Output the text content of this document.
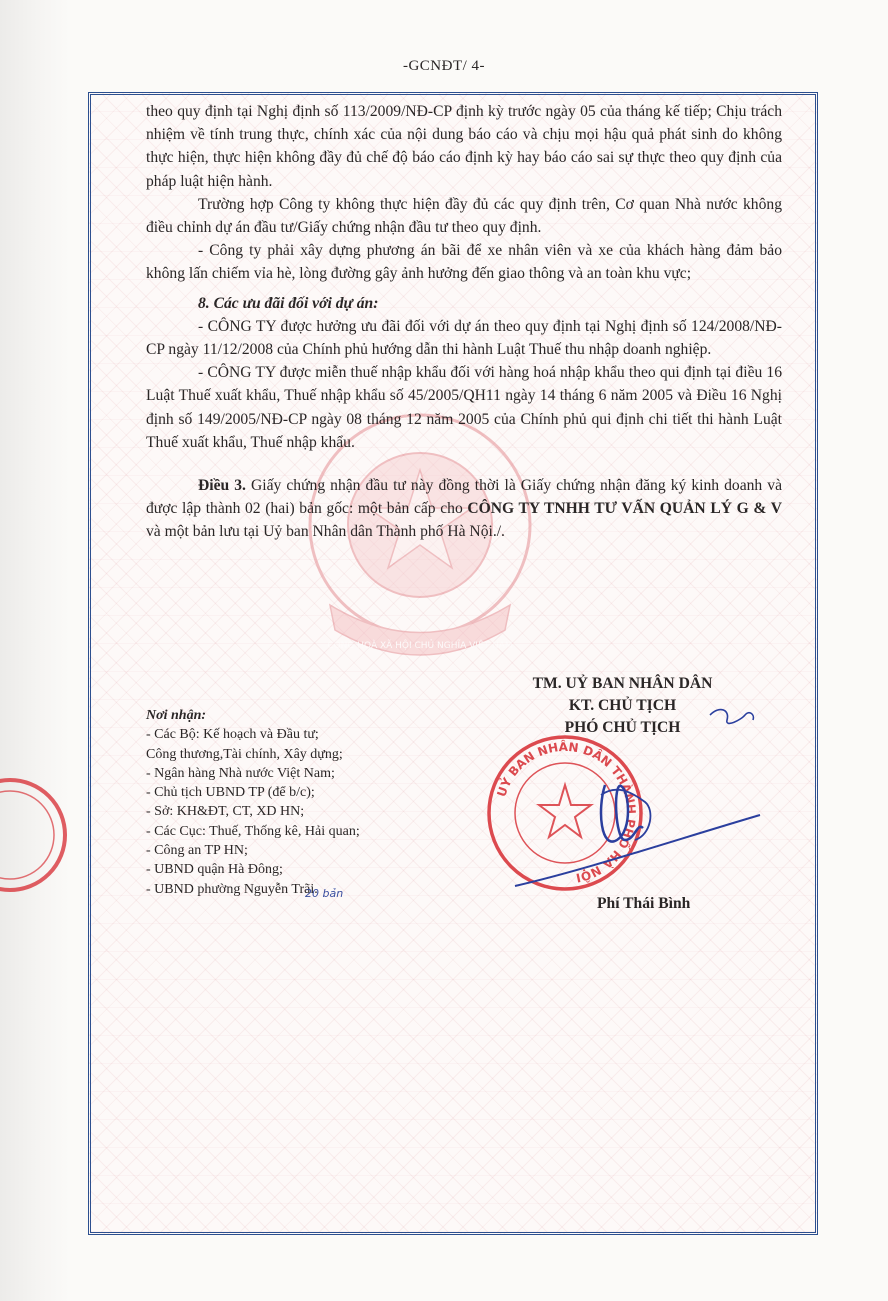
-GCNĐT/ 4-
CỘNG HOÀ XÃ HỘI CHỦ NGHĨA VIỆT NAM

theo quy định tại Nghị định số 113/2009/NĐ-CP định kỳ trước ngày 05 của tháng kế tiếp; Chịu trách nhiệm về tính trung thực, chính xác của nội dung báo cáo và chịu mọi hậu quả phát sinh do không thực hiện, thực hiện không đầy đủ chế độ báo cáo định kỳ hay báo cáo sai sự thực theo quy định của pháp luật hiện hành.

Trường hợp Công ty không thực hiện đầy đủ các quy định trên, Cơ quan Nhà nước không điều chỉnh dự án đầu tư/Giấy chứng nhận đầu tư theo quy định.

- Công ty phải xây dựng phương án bãi để xe nhân viên và xe của khách hàng đảm bảo không lấn chiếm vỉa hè, lòng đường gây ảnh hưởng đến giao thông và an toàn khu vực;

8. Các ưu đãi đối với dự án:

- CÔNG TY được hưởng ưu đãi đối với dự án theo quy định tại Nghị định số 124/2008/NĐ-CP ngày 11/12/2008 của Chính phủ hướng dẫn thi hành Luật Thuế thu nhập doanh nghiệp.

- CÔNG TY được miễn thuế nhập khẩu đối với hàng hoá nhập khẩu theo qui định tại điều 16 Luật Thuế xuất khẩu, Thuế nhập khẩu số 45/2005/QH11 ngày 14 tháng 6 năm 2005 và Điều 16 Nghị định số 149/2005/NĐ-CP ngày 08 tháng 12 năm 2005 của Chính phủ qui định chi tiết thi hành Luật Thuế xuất khẩu, Thuế nhập khẩu.

Điều 3. Giấy chứng nhận đầu tư này đồng thời là Giấy chứng nhận đăng ký kinh doanh và được lập thành 02 (hai) bản gốc: một bản cấp cho CÔNG TY TNHH TƯ VẤN QUẢN LÝ G & V và một bản lưu tại Uỷ ban Nhân dân Thành phố Hà Nội./.

TM. UỶ BAN NHÂN DÂN
KT. CHỦ TỊCH
PHÓ CHỦ TỊCH
UỶ BAN NHÂN DÂN THÀNH PHỐ HÀ NỘI
Nơi nhận:
- Các Bộ: Kế hoạch và Đầu tư;
Công thương,Tài chính, Xây dựng;
- Ngân hàng Nhà nước Việt Nam;
- Chủ tịch UBND TP (để b/c);
- Sở: KH&ĐT, CT, XD HN;
- Các Cục: Thuế, Thống kê, Hải quan;
- Công an TP HN;
- UBND quận Hà Đông;
- UBND phường Nguyễn Trãi.
20 bản
Phí Thái Bình
